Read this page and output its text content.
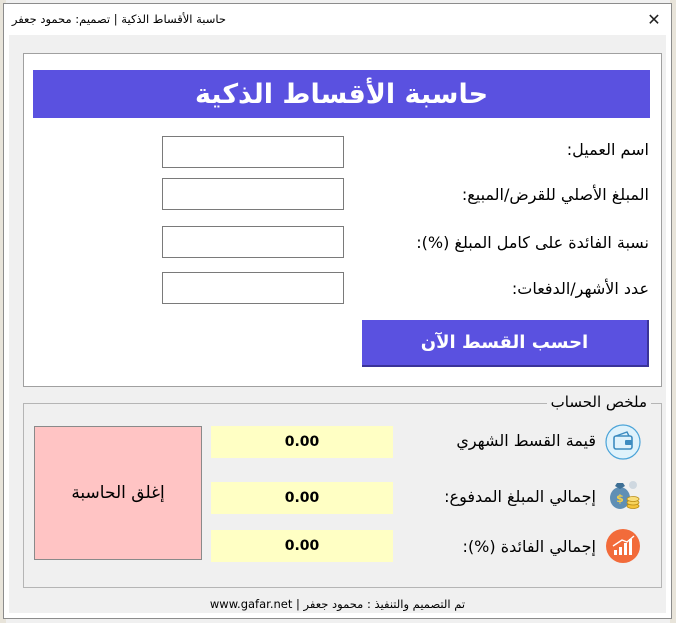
حاسبة الأقساط الذكية | تصميم: محمود جعفر	✕
حاسبة الأقساط الذكية
اسم العميل:
المبلغ الأصلي للقرض/المبيع:
نسبة الفائدة على كامل المبلغ (%):
عدد الأشهر/الدفعات:
احسب القسط الآن
ملخص الحساب
إغلق الحاسبة
0.00	قيمة القسط الشهري
0.00	إجمالي المبلغ المدفوع: $
0.00	إجمالي الفائدة (%):
تم التصميم والتنفيذ : محمود جعفر | www.gafar.net
